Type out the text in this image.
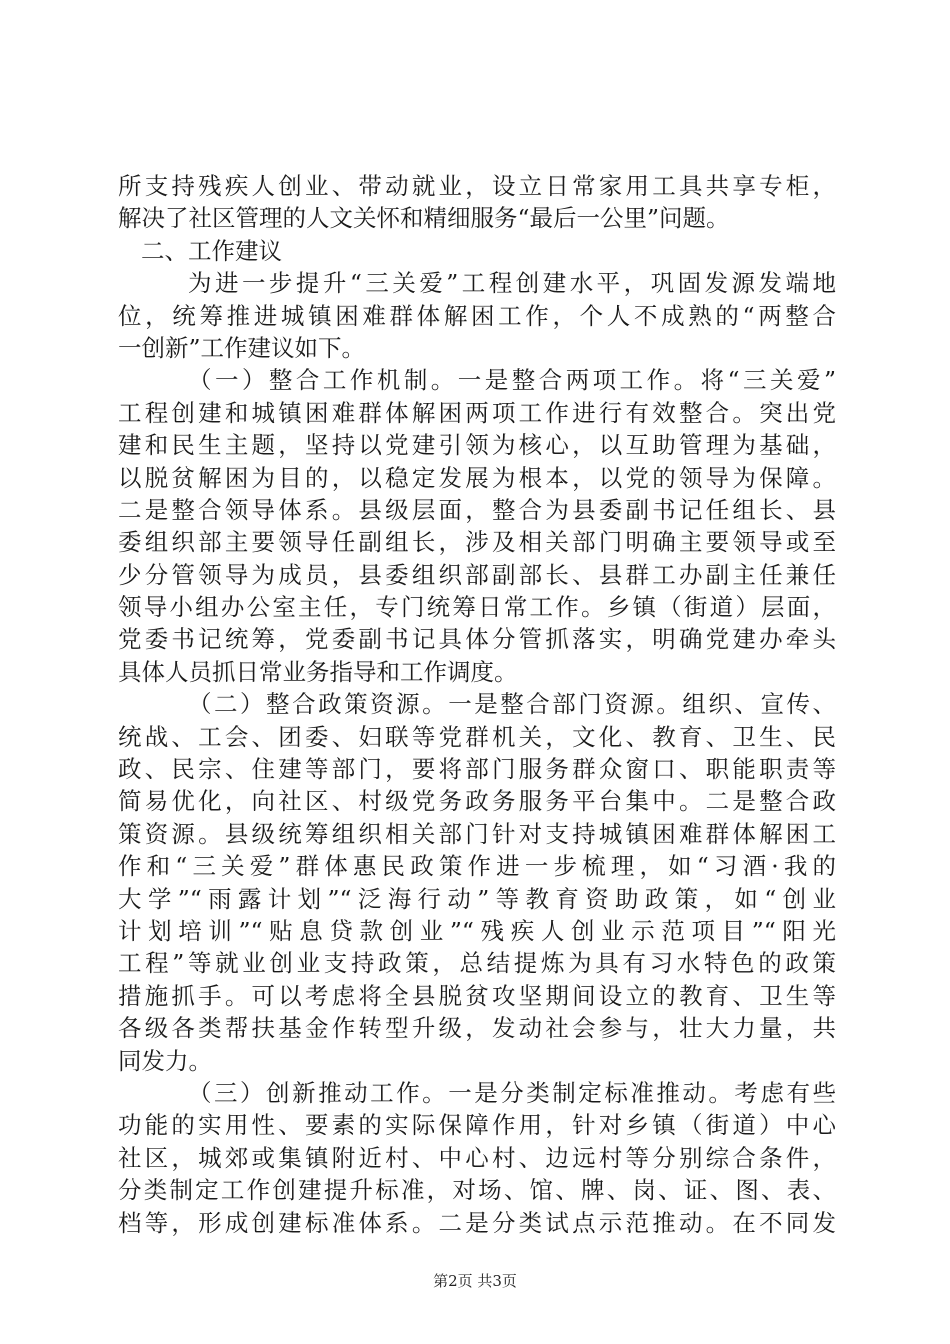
所支持残疾人创业、带动就业，设立日常家用工具共享专柜，
解决了社区管理的人文关怀和精细服务“最后一公里”问题。
二、工作建议
为进一步提升“三关爱”工程创建水平，巩固发源发端地
位，统筹推进城镇困难群体解困工作，个人不成熟的“两整合
一创新”工作建议如下。
（一）整合工作机制。一是整合两项工作。将“三关爱”
工程创建和城镇困难群体解困两项工作进行有效整合。突出党
建和民生主题，坚持以党建引领为核心，以互助管理为基础，
以脱贫解困为目的，以稳定发展为根本，以党的领导为保障。
二是整合领导体系。县级层面，整合为县委副书记任组长、县
委组织部主要领导任副组长，涉及相关部门明确主要领导或至
少分管领导为成员，县委组织部副部长、县群工办副主任兼任
领导小组办公室主任，专门统筹日常工作。乡镇（街道）层面，
党委书记统筹，党委副书记具体分管抓落实，明确党建办牵头
具体人员抓日常业务指导和工作调度。
（二）整合政策资源。一是整合部门资源。组织、宣传、
统战、工会、团委、妇联等党群机关，文化、教育、卫生、民
政、民宗、住建等部门，要将部门服务群众窗口、职能职责等
简易优化，向社区、村级党务政务服务平台集中。二是整合政
策资源。县级统筹组织相关部门针对支持城镇困难群体解困工
作和“三关爱”群体惠民政策作进一步梳理，如“习酒·我的
大学”“雨露计划”“泛海行动”等教育资助政策，如“创业
计划培训”“贴息贷款创业”“残疾人创业示范项目”“阳光
工程”等就业创业支持政策，总结提炼为具有习水特色的政策
措施抓手。可以考虑将全县脱贫攻坚期间设立的教育、卫生等
各级各类帮扶基金作转型升级，发动社会参与，壮大力量，共
同发力。
（三）创新推动工作。一是分类制定标准推动。考虑有些
功能的实用性、要素的实际保障作用，针对乡镇（街道）中心
社区，城郊或集镇附近村、中心村、边远村等分别综合条件，
分类制定工作创建提升标准，对场、馆、牌、岗、证、图、表、
档等，形成创建标准体系。二是分类试点示范推动。在不同发
第2页 共3页
